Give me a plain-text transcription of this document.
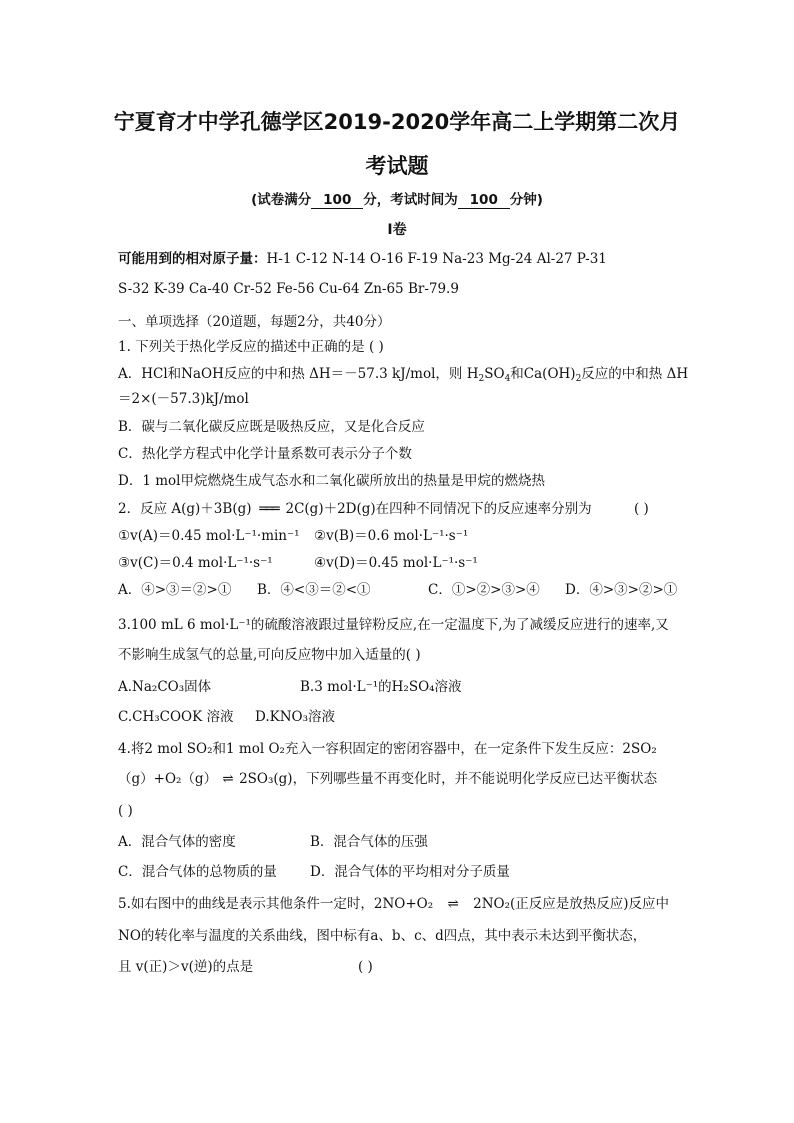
宁夏育才中学孔德学区2019-2020学年高二上学期第二次月
考试题
(试卷满分 100 分，考试时间为 100 分钟)
I卷
可能用到的相对原子量：H-1 C-12 N-14 O-16 F-19 Na-23 Mg-24 Al-27 P-31
S-32 K-39 Ca-40 Cr-52 Fe-56 Cu-64 Zn-65 Br-79.9
一、单项选择（20道题，每题2分，共40分）
1. 下列关于热化学反应的描述中正确的是 ( )
A．HCl和NaOH反应的中和热 ΔH＝－57.3 kJ/mol，则 $H_2SO_4$和$Ca(OH)_2$反应的中和热 ΔH
＝2×(－57.3)kJ/mol
B．碳与二氧化碳反应既是吸热反应，又是化合反应
C．热化学方程式中化学计量系数可表示分子个数
D．1 mol甲烷燃烧生成气态水和二氧化碳所放出的热量是甲烷的燃烧热
2．反应 A(g)＋3B(g) ═══ 2C(g)＋2D(g)在四种不同情况下的反应速率分别为	( )
①v(A)＝0.45 mol·L⁻¹·min⁻¹ ②v(B)＝0.6 mol·L⁻¹·s⁻¹
③v(C)＝0.4 mol·L⁻¹·s⁻¹	④v(D)＝0.45 mol·L⁻¹·s⁻¹
A．④>③＝②>① B．④<③＝②<①	C．①>②>③>④ D．④>③>②>①
3.100 mL 6 mol·L⁻¹的硫酸溶液跟过量锌粉反应,在一定温度下,为了减缓反应进行的速率,又
不影响生成氢气的总量,可向反应物中加入适量的( )
A.Na₂CO₃固体	B.3 mol·L⁻¹的H₂SO₄溶液
C.CH₃COOK 溶液 D.KNO₃溶液
4.将2 mol SO₂和1 mol O₂充入一容积固定的密闭容器中，在一定条件下发生反应：2SO₂
（g）+O₂（g） ⇌ 2SO₃(g)，下列哪些量不再变化时，并不能说明化学反应已达平衡状态
( )
A．混合气体的密度	B．混合气体的压强
C．混合气体的总物质的量 D．混合气体的平均相对分子质量
5.如右图中的曲线是表示其他条件一定时，2NO+O₂ ⇌ 2NO₂(正反应是放热反应)反应中
NO的转化率与温度的关系曲线，图中标有a、b、c、d四点，其中表示未达到平衡状态，
且 v(正)＞v(逆)的点是	( )
